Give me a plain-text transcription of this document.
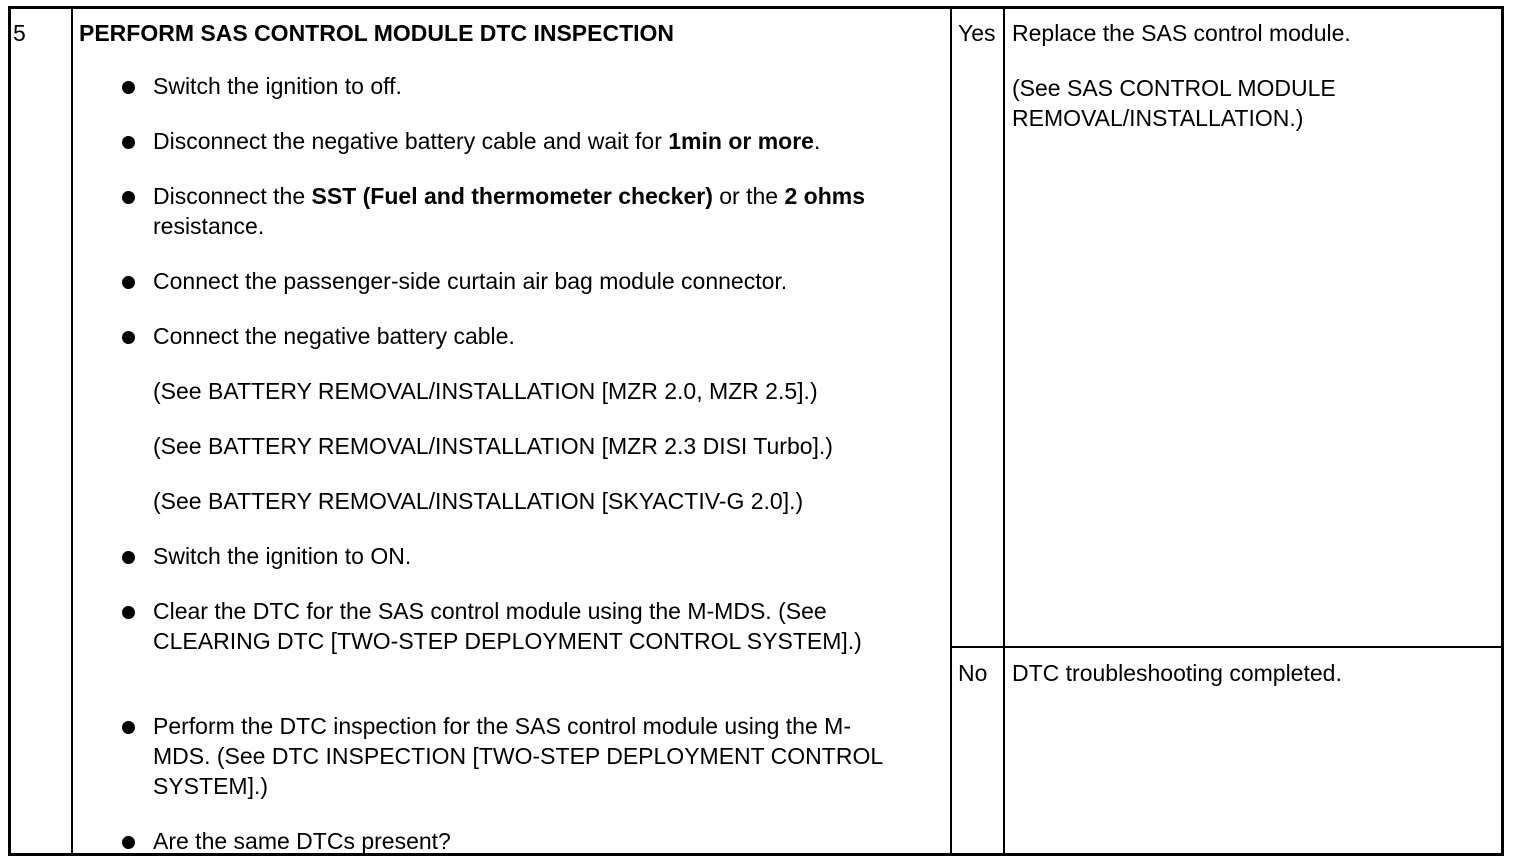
5 PERFORM SAS CONTROL MODULE DTC INSPECTION
Switch the ignition to off.
Disconnect the negative battery cable and wait for 1min or more.
Disconnect the SST (Fuel and thermometer checker) or the 2 ohms resistance.
Connect the passenger-side curtain air bag module connector.
Connect the negative battery cable.
(See BATTERY REMOVAL/INSTALLATION [MZR 2.0, MZR 2.5].)
(See BATTERY REMOVAL/INSTALLATION [MZR 2.3 DISI Turbo].)
(See BATTERY REMOVAL/INSTALLATION [SKYACTIV-G 2.0].)
Switch the ignition to ON.
Clear the DTC for the SAS control module using the M-MDS. (See CLEARING DTC [TWO-STEP DEPLOYMENT CONTROL SYSTEM].)
Perform the DTC inspection for the SAS control module using the M-MDS. (See DTC INSPECTION [TWO-STEP DEPLOYMENT CONTROL SYSTEM].)
Are the same DTCs present?
Yes Replace the SAS control module.
(See SAS CONTROL MODULE REMOVAL/INSTALLATION.)
No DTC troubleshooting completed.
